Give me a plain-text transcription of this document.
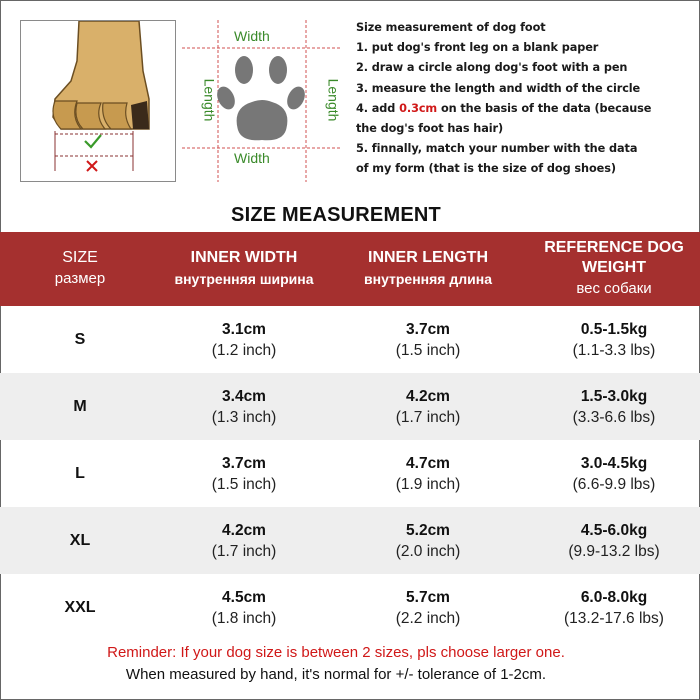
Width
Width
Length	Length
Size measurement of dog foot
1. put dog's front leg on a blank paper
2. draw a circle along dog's foot with a pen
3. measure the length and width of the circle
4. add 0.3cm on the basis of the data (because
the dog's foot has hair)
5. finnally, match your number with the data
of my form (that is the size of dog shoes)
SIZE MEASUREMENT
SIZE
размер
INNER WIDTH
внутренняя ширина
INNER LENGTH
внутренняя длина
REFERENCE DOG
WEIGHT
вес собаки
S
3.1cm
(1.2 inch)
3.7cm
(1.5 inch)
0.5-1.5kg
(1.1-3.3 lbs)
M
3.4cm
(1.3 inch)
4.2cm
(1.7 inch)
1.5-3.0kg
(3.3-6.6 lbs)
L
3.7cm
(1.5 inch)
4.7cm
(1.9 inch)
3.0-4.5kg
(6.6-9.9 lbs)
XL
4.2cm
(1.7 inch)
5.2cm
(2.0 inch)
4.5-6.0kg
(9.9-13.2 lbs)
XXL
4.5cm
(1.8 inch)
5.7cm
(2.2 inch)
6.0-8.0kg
(13.2-17.6 lbs)
Reminder: If your dog size is between 2 sizes, pls choose larger one.
When measured by hand, it's normal for +/- tolerance of 1-2cm.
